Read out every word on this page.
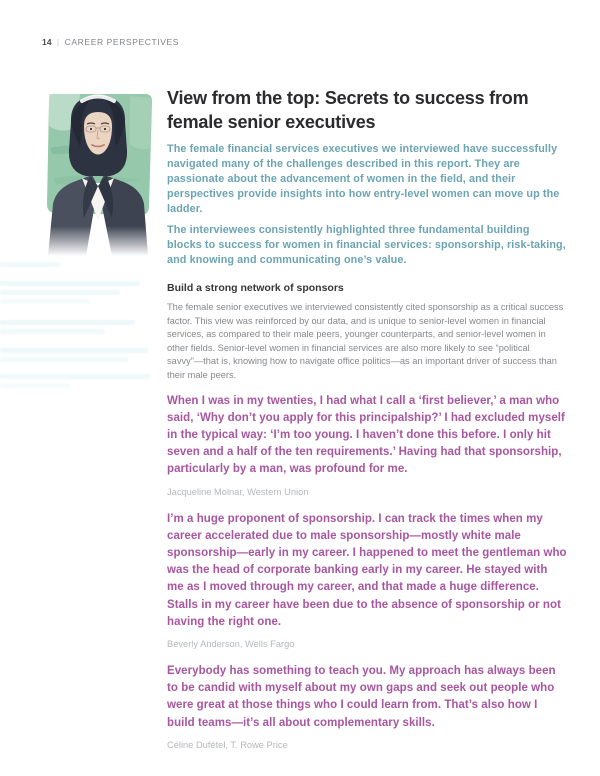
14 | CAREER PERSPECTIVES
View from the top: Secrets to success from female senior executives

The female financial services executives we interviewed have successfully navigated many of the challenges described in this report. They are passionate about the advancement of women in the field, and their perspectives provide insights into how entry-level women can move up the ladder.

The interviewees consistently highlighted three fundamental building blocks to success for women in financial services: sponsorship, risk-taking, and knowing and communicating one’s value.

Build a strong network of sponsors

The female senior executives we interviewed consistently cited sponsorship as a critical success factor. This view was reinforced by our data, and is unique to senior-level women in financial services, as compared to their male peers, younger counterparts, and senior-level women in other fields. Senior-level women in financial services are also more likely to see “political savvy”—that is, knowing how to navigate office politics—as an important driver of success than their male peers.

When I was in my twenties, I had what I call a ‘first believer,’ a man who said, ‘Why don’t you apply for this principalship?’ I had excluded myself in the typical way: ‘I’m too young. I haven’t done this before. I only hit seven and a half of the ten requirements.’ Having had that sponsorship, particularly by a man, was profound for me.

Jacqueline Molnar, Western Union

I’m a huge proponent of sponsorship. I can track the times when my career accelerated due to male sponsorship—mostly white male sponsorship—early in my career. I happened to meet the gentleman who was the head of corporate banking early in my career. He stayed with me as I moved through my career, and that made a huge difference. Stalls in my career have been due to the absence of sponsorship or not having the right one.

Beverly Anderson, Wells Fargo

Everybody has something to teach you. My approach has always been to be candid with myself about my own gaps and seek out people who were great at those things who I could learn from. That’s also how I build teams—it’s all about complementary skills.

Céline Dufétel, T. Rowe Price
